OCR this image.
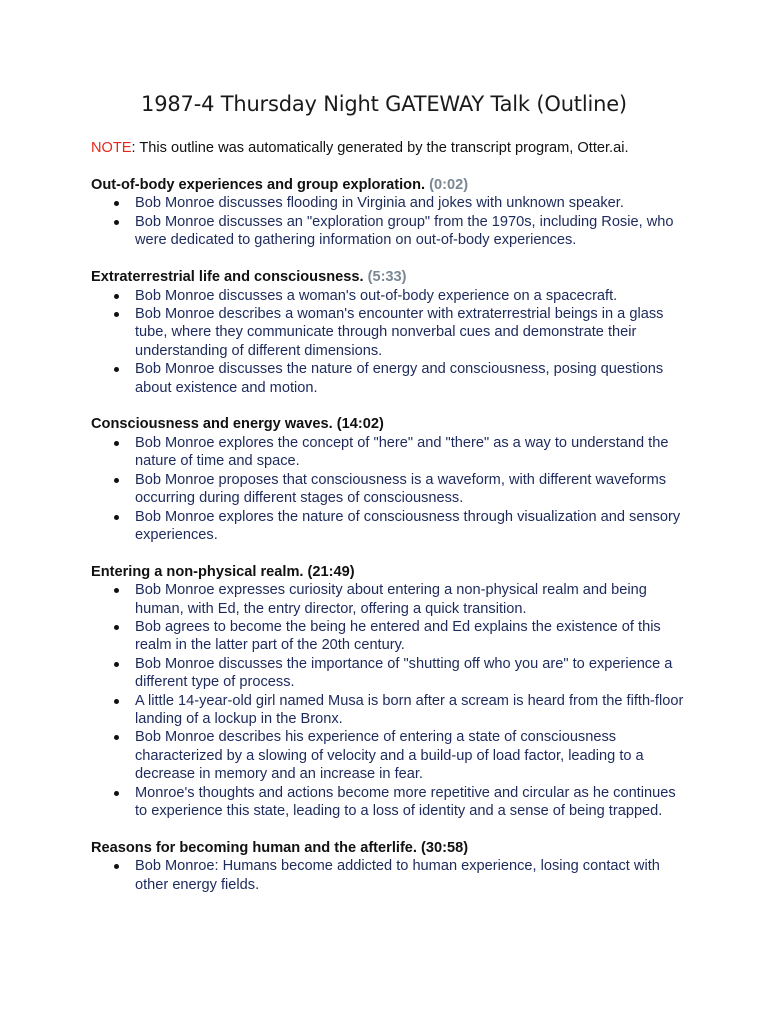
1987-4 Thursday Night GATEWAY Talk (Outline)
NOTE: This outline was automatically generated by the transcript program, Otter.ai.

Out-of-body experiences and group exploration. (0:02)

Bob Monroe discusses flooding in Virginia and jokes with unknown speaker.
Bob Monroe discusses an "exploration group" from the 1970s, including Rosie, who were dedicated to gathering information on out-of-body experiences.

Extraterrestrial life and consciousness. (5:33)

Bob Monroe discusses a woman's out-of-body experience on a spacecraft.
Bob Monroe describes a woman's encounter with extraterrestrial beings in a glass tube, where they communicate through nonverbal cues and demonstrate their understanding of different dimensions.
Bob Monroe discusses the nature of energy and consciousness, posing questions about existence and motion.

Consciousness and energy waves. (14:02)

Bob Monroe explores the concept of "here" and "there" as a way to understand the nature of time and space.
Bob Monroe proposes that consciousness is a waveform, with different waveforms occurring during different stages of consciousness.
Bob Monroe explores the nature of consciousness through visualization and sensory experiences.

Entering a non-physical realm. (21:49)

Bob Monroe expresses curiosity about entering a non-physical realm and being human, with Ed, the entry director, offering a quick transition.
Bob agrees to become the being he entered and Ed explains the existence of this realm in the latter part of the 20th century.
Bob Monroe discusses the importance of "shutting off who you are" to experience a different type of process.
A little 14-year-old girl named Musa is born after a scream is heard from the fifth-floor landing of a lockup in the Bronx.
Bob Monroe describes his experience of entering a state of consciousness characterized by a slowing of velocity and a build-up of load factor, leading to a decrease in memory and an increase in fear.
Monroe's thoughts and actions become more repetitive and circular as he continues to experience this state, leading to a loss of identity and a sense of being trapped.

Reasons for becoming human and the afterlife. (30:58)

Bob Monroe: Humans become addicted to human experience, losing contact with other energy fields.
